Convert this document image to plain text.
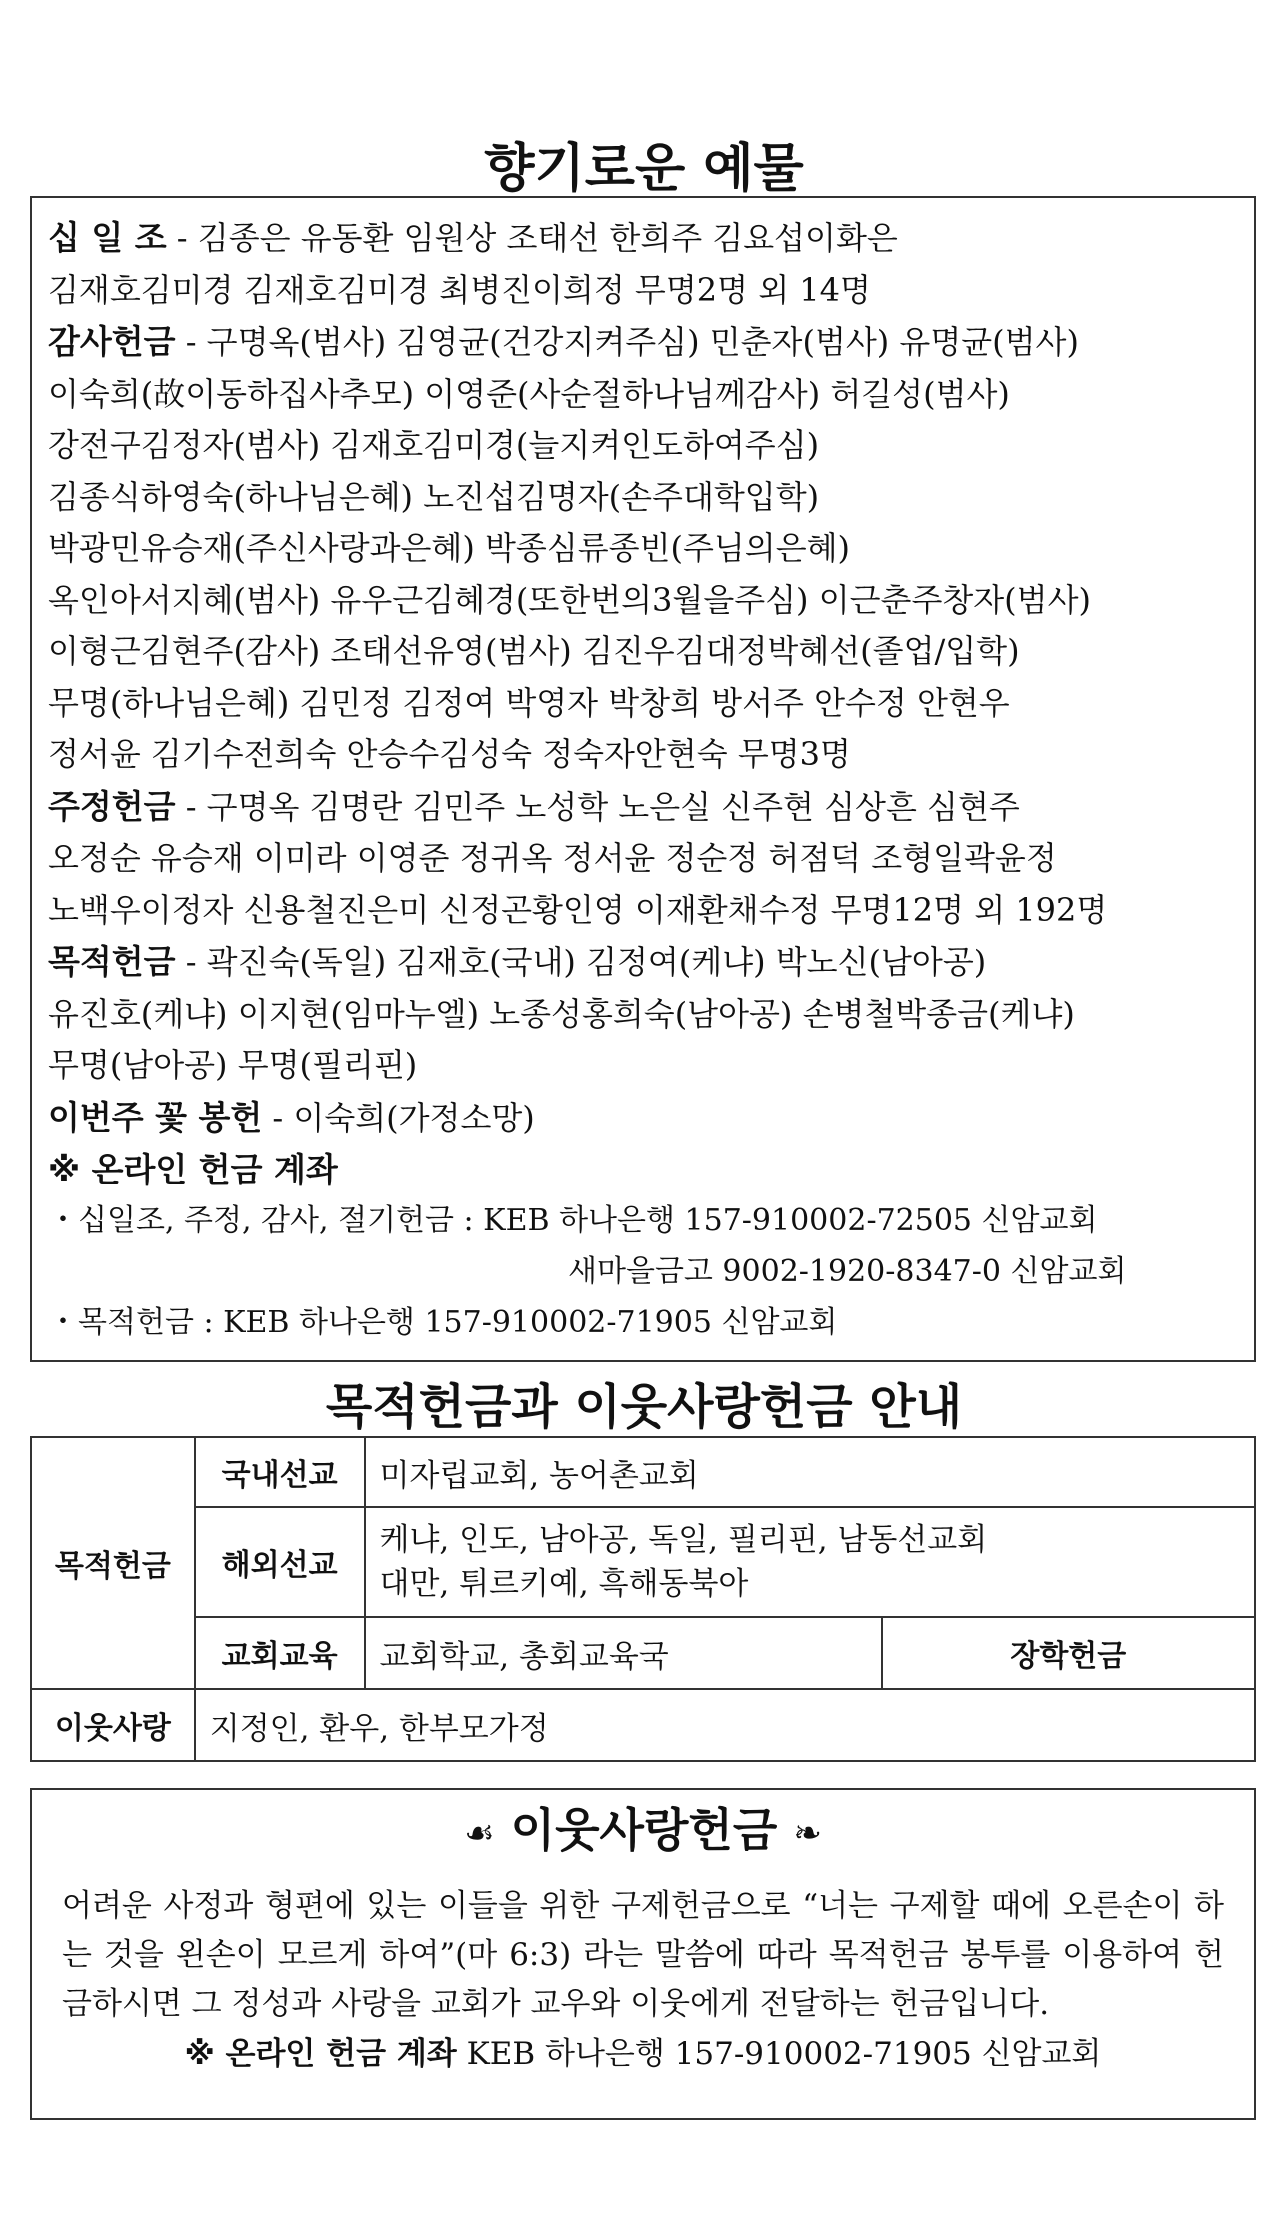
향기로운 예물
십 일 조 - 김종은 유동환 임원상 조태선 한희주 김요섭이화은
김재호김미경 김재호김미경 최병진이희정 무명2명 외 14명
감사헌금 - 구명옥(범사) 김영균(건강지켜주심) 민춘자(범사) 유명균(범사)
이숙희(故이동하집사추모) 이영준(사순절하나님께감사) 허길성(범사)
강전구김정자(범사) 김재호김미경(늘지켜인도하여주심)
김종식하영숙(하나님은혜) 노진섭김명자(손주대학입학)
박광민유승재(주신사랑과은혜) 박종심류종빈(주님의은혜)
옥인아서지혜(범사) 유우근김혜경(또한번의3월을주심) 이근춘주창자(범사)
이형근김현주(감사) 조태선유영(범사) 김진우김대정박혜선(졸업/입학)
무명(하나님은혜) 김민정 김정여 박영자 박창희 방서주 안수정 안현우
정서윤 김기수전희숙 안승수김성숙 정숙자안현숙 무명3명
주정헌금 - 구명옥 김명란 김민주 노성학 노은실 신주현 심상흔 심현주
오정순 유승재 이미라 이영준 정귀옥 정서윤 정순정 허점덕 조형일곽윤정
노백우이정자 신용철진은미 신정곤황인영 이재환채수정 무명12명 외 192명
목적헌금 - 곽진숙(독일) 김재호(국내) 김정여(케냐) 박노신(남아공)
유진호(케냐) 이지현(임마누엘) 노종성홍희숙(남아공) 손병철박종금(케냐)
무명(남아공) 무명(필리핀)
이번주 꽃 봉헌 - 이숙희(가정소망)
※ 온라인 헌금 계좌
・십일조, 주정, 감사, 절기헌금 : KEB 하나은행 157-910002-72505 신암교회
새마을금고 9002-1920-8347-0 신암교회
・목적헌금 : KEB 하나은행 157-910002-71905 신암교회
목적헌금과 이웃사랑헌금 안내
목적헌금	국내선교	미자립교회, 농어촌교회	
	해외선교	케냐, 인도, 남아공, 독일, 필리핀, 남동선교회
대만, 튀르키예, 흑해동북아	

	교회교육	교회학교, 총회교육국	장학헌금
이웃사랑	지정인, 환우, 한부모가정		
☙ 이웃사랑헌금 ❧
어려운 사정과 형편에 있는 이들을 위한 구제헌금으로 “너는 구제할 때에 오른손이 하는 것을 왼손이 모르게 하여”(마 6:3) 라는 말씀에 따라 목적헌금 봉투를 이용하여 헌금하시면 그 정성과 사랑을 교회가 교우와 이웃에게 전달하는 헌금입니다.
※ 온라인 헌금 계좌 KEB 하나은행 157-910002-71905 신암교회
